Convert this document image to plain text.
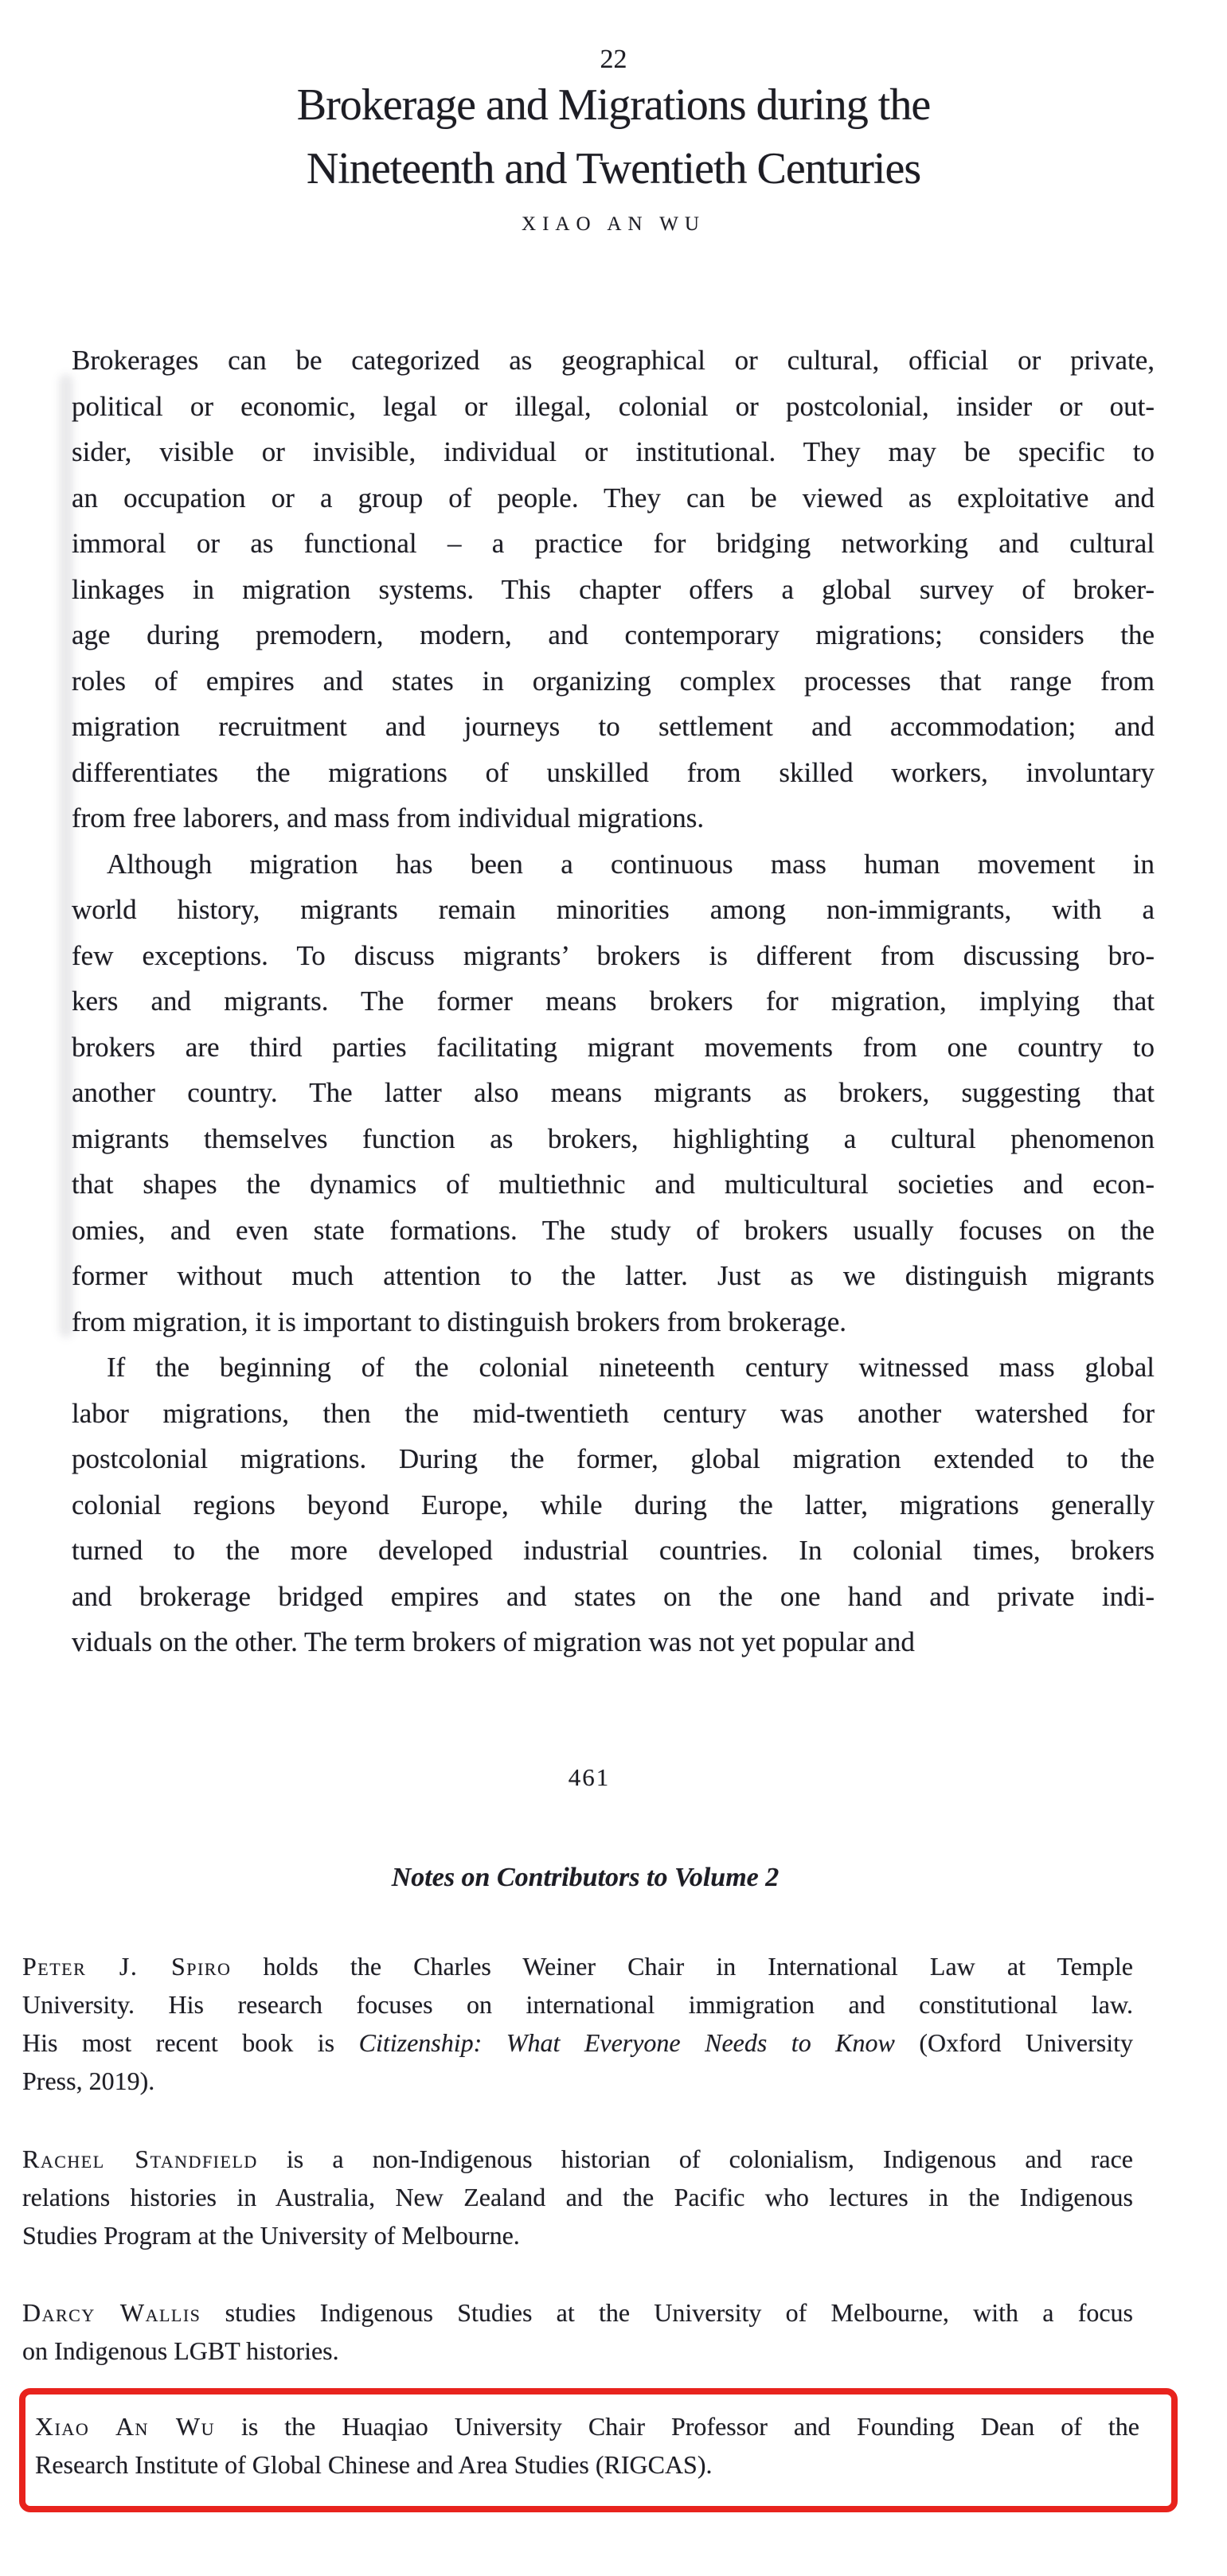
22
Brokerage and Migrations during the
Nineteenth and Twentieth Centuries
XIAO AN WU
Brokerages can be categorized as geographical or cultural, official or private,
political or economic, legal or illegal, colonial or postcolonial, insider or out-
sider, visible or invisible, individual or institutional. They may be specific to
an occupation or a group of people. They can be viewed as exploitative and
immoral or as functional – a practice for bridging networking and cultural
linkages in migration systems. This chapter offers a global survey of broker-
age during premodern, modern, and contemporary migrations; considers the
roles of empires and states in organizing complex processes that range from
migration recruitment and journeys to settlement and accommodation; and
differentiates the migrations of unskilled from skilled workers, involuntary
from free laborers, and mass from individual migrations.
Although migration has been a continuous mass human movement in
world history, migrants remain minorities among non-immigrants, with a
few exceptions. To discuss migrants’ brokers is different from discussing bro-
kers and migrants. The former means brokers for migration, implying that
brokers are third parties facilitating migrant movements from one country to
another country. The latter also means migrants as brokers, suggesting that
migrants themselves function as brokers, highlighting a cultural phenomenon
that shapes the dynamics of multiethnic and multicultural societies and econ-
omies, and even state formations. The study of brokers usually focuses on the
former without much attention to the latter. Just as we distinguish migrants
from migration, it is important to distinguish brokers from brokerage.
If the beginning of the colonial nineteenth century witnessed mass global
labor migrations, then the mid-twentieth century was another watershed for
postcolonial migrations. During the former, global migration extended to the
colonial regions beyond Europe, while during the latter, migrations generally
turned to the more developed industrial countries. In colonial times, brokers
and brokerage bridged empires and states on the one hand and private indi-
viduals on the other. The term brokers of migration was not yet popular and
461
Notes on Contributors to Volume 2
Peter J. Spiro holds the Charles Weiner Chair in International Law at Temple
University. His research focuses on international immigration and constitutional law.
His most recent book is Citizenship: What Everyone Needs to Know (Oxford University
Press, 2019).
Rachel Standfield is a non-Indigenous historian of colonialism, Indigenous and race
relations histories in Australia, New Zealand and the Pacific who lectures in the Indigenous
Studies Program at the University of Melbourne.
Darcy Wallis studies Indigenous Studies at the University of Melbourne, with a focus
on Indigenous LGBT histories.
Xiao An Wu is the Huaqiao University Chair Professor and Founding Dean of the
Research Institute of Global Chinese and Area Studies (RIGCAS).
